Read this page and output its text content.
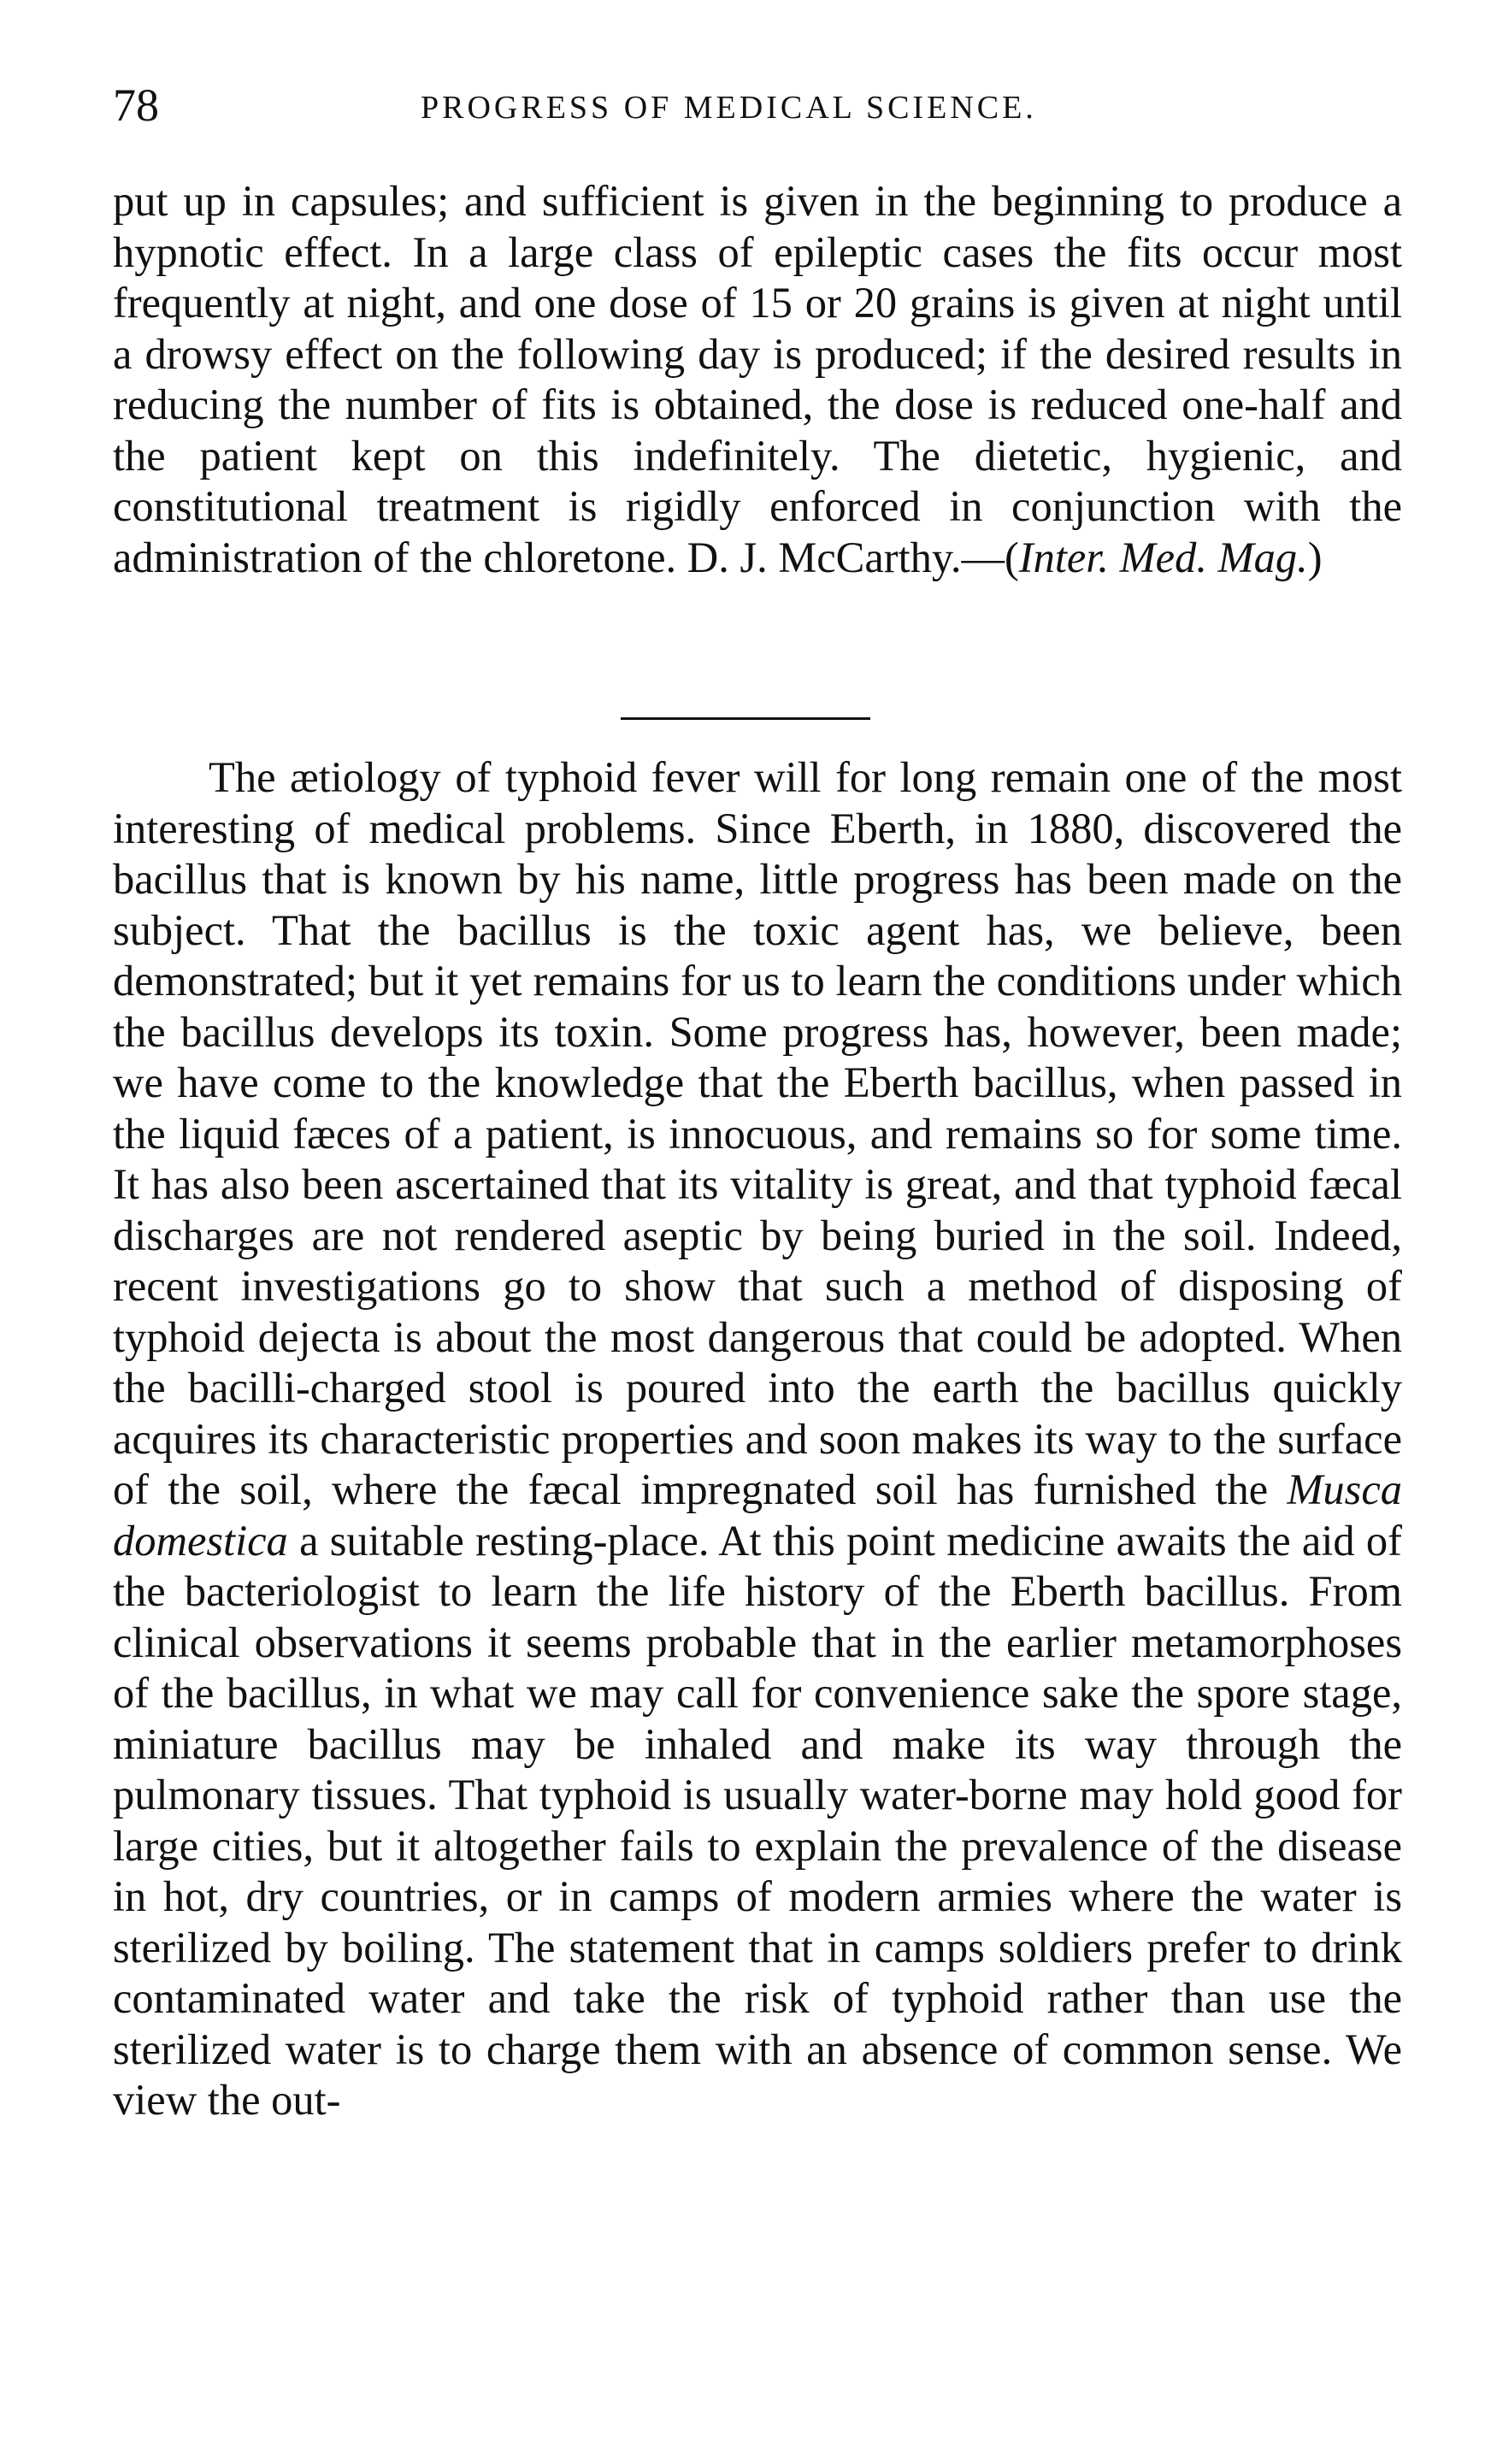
78	PROGRESS OF MEDICAL SCIENCE.

put up in capsules; and sufficient is given in the beginning to produce a hypnotic effect. In a large class of epileptic cases the fits occur most frequently at night, and one dose of 15 or 20 grains is given at night until a drowsy effect on the following day is produced; if the desired results in reducing the number of fits is obtained, the dose is reduced one-half and the patient kept on this indefinitely. The dietetic, hygienic, and constitutional treatment is rigidly enforced in conjunction with the administration of the chloretone. D. J. McCarthy.—(Inter. Med. Mag.)

The ætiology of typhoid fever will for long remain one of the most interesting of medical problems. Since Eberth, in 1880, discovered the bacillus that is known by his name, little progress has been made on the subject. That the bacillus is the toxic agent has, we believe, been demonstrated; but it yet remains for us to learn the conditions under which the bacillus develops its toxin. Some progress has, however, been made; we have come to the knowledge that the Eberth bacillus, when passed in the liquid fæces of a patient, is innocuous, and remains so for some time. It has also been ascertained that its vitality is great, and that typhoid fæcal discharges are not rendered aseptic by being buried in the soil. Indeed, recent investigations go to show that such a method of disposing of typhoid dejecta is about the most dangerous that could be adopted. When the bacilli-charged stool is poured into the earth the bacillus quickly acquires its characteristic properties and soon makes its way to the surface of the soil, where the fæcal impregnated soil has furnished the Musca domestica a suitable resting-place. At this point medicine awaits the aid of the bacteriologist to learn the life history of the Eberth bacillus. From clinical observations it seems probable that in the earlier metamorphoses of the bacillus, in what we may call for convenience sake the spore stage, miniature bacillus may be inhaled and make its way through the pulmonary tissues. That typhoid is usually water-borne may hold good for large cities, but it altogether fails to explain the prevalence of the disease in hot, dry countries, or in camps of modern armies where the water is sterilized by boiling. The statement that in camps soldiers prefer to drink contaminated water and take the risk of typhoid rather than use the sterilized water is to charge them with an absence of common sense. We view the out-
